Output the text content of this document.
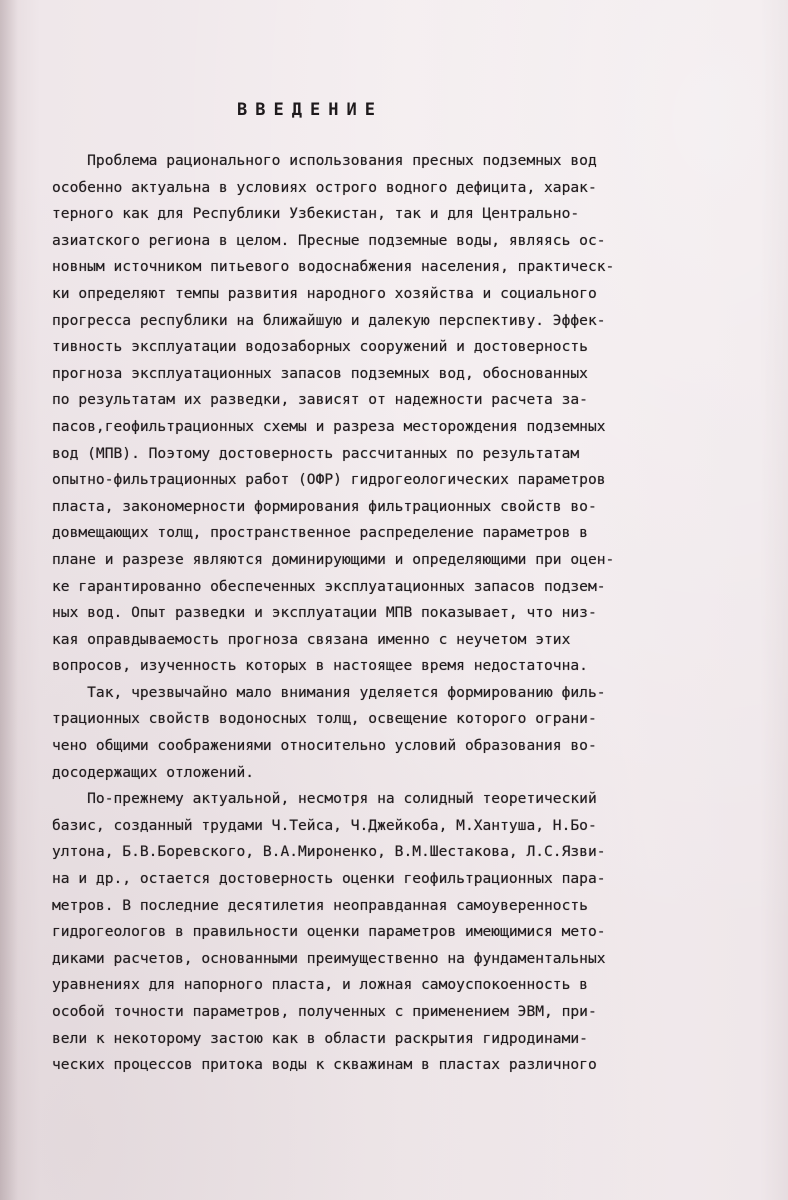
ВВЕДЕНИЕ
Проблема рационального использования пресных подземных вод
особенно актуальна в условиях острого водного дефицита, харак-
терного как для Республики Узбекистан, так и для Центрально-
азиатского региона в целом. Пресные подземные воды, являясь ос-
новным источником питьевого водоснабжения населения, практическ-
ки определяют темпы развития народного хозяйства и социального
прогресса республики на ближайшую и далекую перспективу. Эффек-
тивность эксплуатации водозаборных сооружений и достоверность
прогноза эксплуатационных запасов подземных вод, обоснованных
по результатам их разведки, зависят от надежности расчета за-
пасов,геофильтрационных схемы и разреза месторождения подземных
вод (МПВ). Поэтому достоверность рассчитанных по результатам
опытно-фильтрационных работ (ОФР) гидрогеологических параметров
пласта, закономерности формирования фильтрационных свойств во-
довмещающих толщ, пространственное распределение параметров в
плане и разрезе являются доминирующими и определяющими при оцен-
ке гарантированно обеспеченных эксплуатационных запасов подзем-
ных вод. Опыт разведки и эксплуатации МПВ показывает, что низ-
кая оправдываемость прогноза связана именно с неучетом этих
вопросов, изученность которых в настоящее время недостаточна.
Так, чрезвычайно мало внимания уделяется формированию филь-
трационных свойств водоносных толщ, освещение которого ограни-
чено общими соображениями относительно условий образования во-
досодержащих отложений.
По-прежнему актуальной, несмотря на солидный теоретический
базис, созданный трудами Ч.Тейса, Ч.Джейкоба, М.Хантуша, Н.Бо-
ултона, Б.В.Боревского, В.А.Мироненко, В.М.Шестакова, Л.С.Язви-
на и др., остается достоверность оценки геофильтрационных пара-
метров. В последние десятилетия неоправданная самоуверенность
гидрогеологов в правильности оценки параметров имеющимися мето-
диками расчетов, основанными преимущественно на фундаментальных
уравнениях для напорного пласта, и ложная самоуспокоенность в
особой точности параметров, полученных с применением ЭВМ, при-
вели к некоторому застою как в области раскрытия гидродинами-
ческих процессов притока воды к скважинам в пластах различного
